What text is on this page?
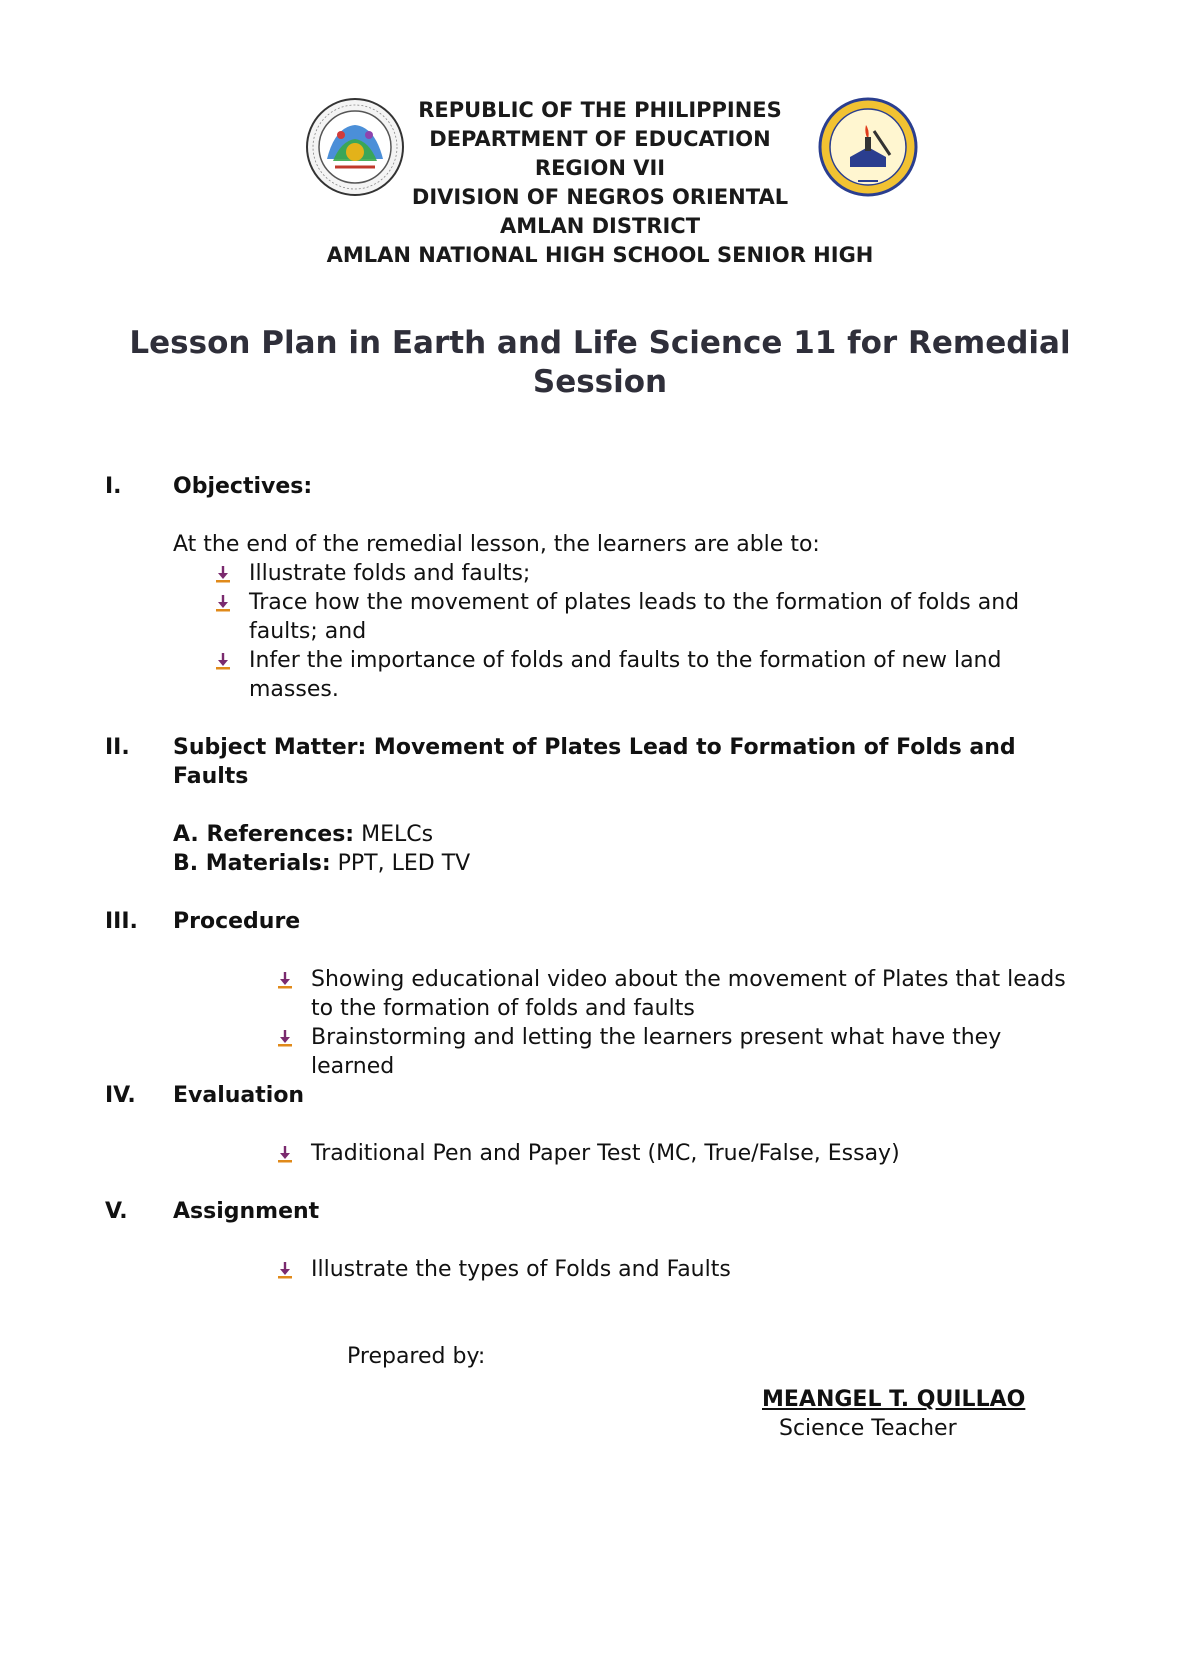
REPUBLIC OF THE PHILIPPINES
DEPARTMENT OF EDUCATION
REGION VII
DIVISION OF NEGROS ORIENTAL
AMLAN DISTRICT
AMLAN NATIONAL HIGH SCHOOL SENIOR HIGH
Lesson Plan in Earth and Life Science 11 for Remedial
Session
I. Objectives:
At the end of the remedial lesson, the learners are able to:
Illustrate folds and faults;
Trace how the movement of plates leads to the formation of folds and
faults; and
Infer the importance of folds and faults to the formation of new land
masses.
II. Subject Matter: Movement of Plates Lead to Formation of Folds and
Faults
A. References: MELCs
B. Materials: PPT, LED TV
III. Procedure
Showing educational video about the movement of Plates that leads
to the formation of folds and faults
Brainstorming and letting the learners present what have they
learned
IV. Evaluation
Traditional Pen and Paper Test (MC, True/False, Essay)
V. Assignment
Illustrate the types of Folds and Faults
Prepared by:
MEANGEL T. QUILLAO
Science Teacher
